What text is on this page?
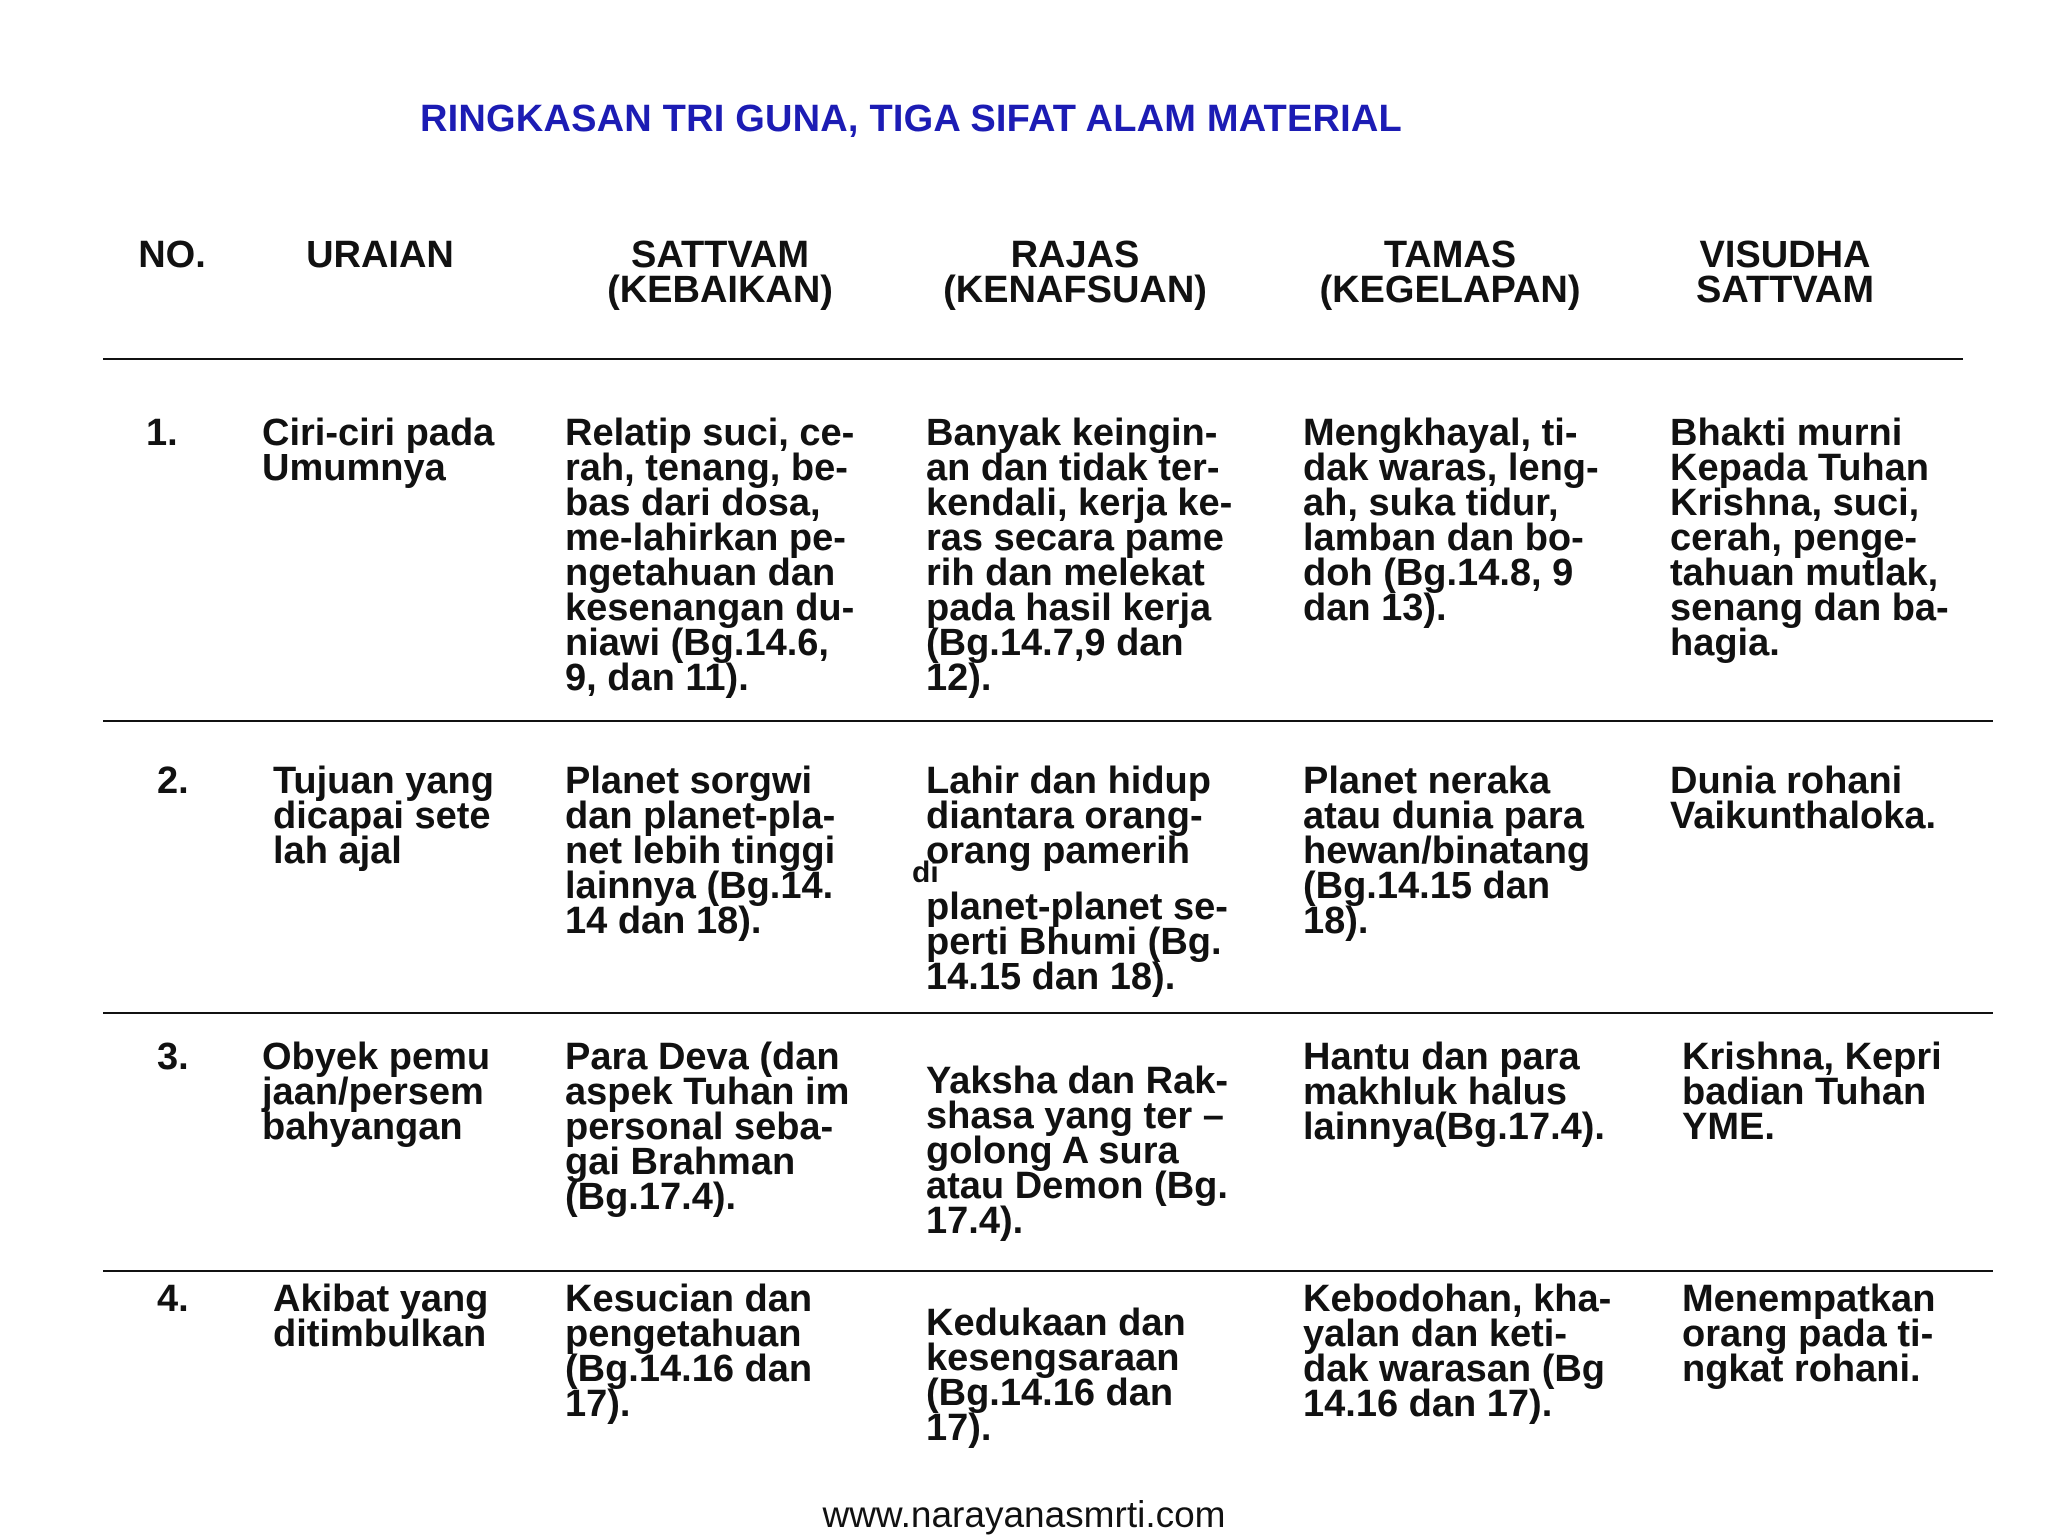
RINGKASAN TRI GUNA, TIGA SIFAT ALAM MATERIAL
NO.	URAIAN	SATTVAM
(KEBAIKAN)
RAJAS
(KENAFSUAN)
TAMAS
(KEGELAPAN)
VISUDHA
SATTVAM
1. Ciri-ciri pada
Umumnya
Relatip suci, ce-
rah, tenang, be-
bas dari dosa,
me-lahirkan pe-
ngetahuan dan
kesenangan du-
niawi (Bg.14.6,
9, dan 11).
Banyak keingin-
an dan tidak ter-
kendali, kerja ke-
ras secara pame
rih dan melekat
pada hasil kerja
(Bg.14.7,9 dan
12).
Mengkhayal, ti-
dak waras, leng-
ah, suka tidur,
lamban dan bo-
doh (Bg.14.8, 9
dan 13).
Bhakti murni
Kepada Tuhan
Krishna, suci,
cerah, penge-
tahuan mutlak,
senang dan ba-
hagia.
2. Tujuan yang
dicapai sete
lah ajal
Planet sorgwi
dan planet-pla-
net lebih tinggi
lainnya (Bg.14.
14 dan 18).
Lahir dan hidup
diantara orang-
orang pamerih
di
planet-planet se-
perti Bhumi (Bg.
14.15 dan 18).
Planet neraka
atau dunia para
hewan/binatang
(Bg.14.15 dan
18).
Dunia rohani
Vaikunthaloka.
3. Obyek pemu
jaan/persem
bahyangan
Para Deva (dan
aspek Tuhan im
personal seba-
gai Brahman
(Bg.17.4).
Yaksha dan Rak-
shasa yang ter –
golong A sura
atau Demon (Bg.
17.4).
Hantu dan para
makhluk halus
lainnya(Bg.17.4).
Krishna, Kepri
badian Tuhan
YME.
4. Akibat yang
ditimbulkan
Kesucian dan
pengetahuan
(Bg.14.16 dan
17).
Kedukaan dan
kesengsaraan
(Bg.14.16 dan
17).
Kebodohan, kha-
yalan dan keti-
dak warasan (Bg
14.16 dan 17).
Menempatkan
orang pada ti-
ngkat rohani.
www.narayanasmrti.com
